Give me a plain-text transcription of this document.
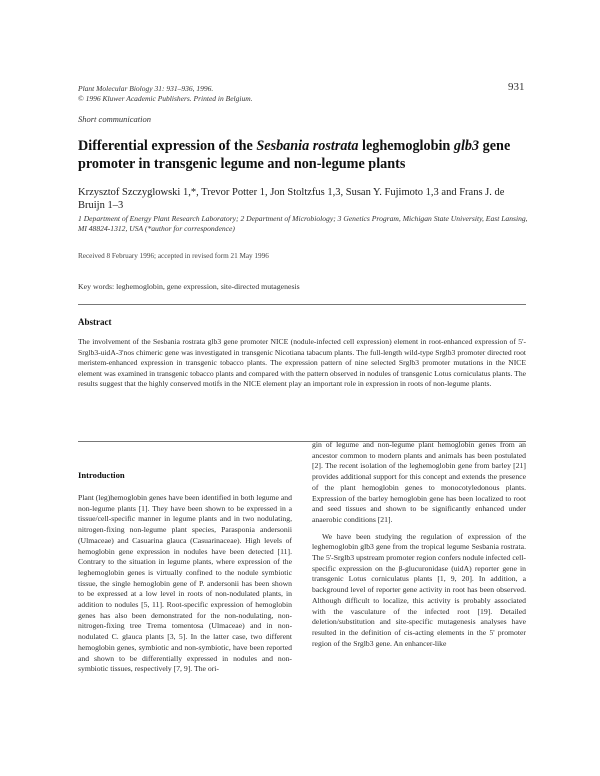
Plant Molecular Biology 31: 931–936, 1996.
© 1996 Kluwer Academic Publishers. Printed in Belgium.
931
Short communication
Differential expression of the Sesbania rostrata leghemoglobin glb3 gene promoter in transgenic legume and non-legume plants
Krzysztof Szczyglowski 1,*, Trevor Potter 1, Jon Stoltzfus 1,3, Susan Y. Fujimoto 1,3 and Frans J. de Bruijn 1–3
1 Department of Energy Plant Research Laboratory; 2 Department of Microbiology; 3 Genetics Program, Michigan State University, East Lansing, MI 48824-1312, USA (*author for correspondence)
Received 8 February 1996; accepted in revised form 21 May 1996
Key words: leghemoglobin, gene expression, site-directed mutagenesis
Abstract
The involvement of the Sesbania rostrata glb3 gene promoter NICE (nodule-infected cell expression) element in root-enhanced expression of 5'-Srglb3-uidA-3'nos chimeric gene was investigated in transgenic Nicotiana tabacum plants. The full-length wild-type Srglb3 promoter directed root meristem-enhanced expression in transgenic tobacco plants. The expression pattern of nine selected Srglb3 promoter mutations in the NICE element was examined in transgenic tobacco plants and compared with the pattern observed in nodules of transgenic Lotus corniculatus plants. The results suggest that the highly conserved motifs in the NICE element play an important role in expression in roots of non-legume plants.
Introduction

Plant (leg)hemoglobin genes have been identified in both legume and non-legume plants [1]. They have been shown to be expressed in a tissue/cell-specific manner in legume plants and in two nodulating, nitrogen-fixing non-legume plant species, Parasponia andersonii (Ulmaceae) and Casuarina glauca (Casuarinaceae). High levels of hemoglobin gene expression in nodules have been detected [11]. Contrary to the situation in legume plants, where expression of the leghemoglobin genes is virtually confined to the nodule symbiotic tissue, the single hemoglobin gene of P. andersonii has been shown to be expressed at a low level in roots of non-nodulated plants, in addition to nodules [5, 11]. Root-specific expression of hemoglobin genes has also been demonstrated for the non-nodulating, non-nitrogen-fixing tree Trema tomentosa (Ulmaceae) and in non-nodulated C. glauca plants [3, 5]. In the latter case, two different hemoglobin genes, symbiotic and non-symbiotic, have been reported and shown to be differentially expressed in nodules and non-symbiotic tissues, respectively [7, 9]. The ori-

gin of legume and non-legume plant hemoglobin genes from an ancestor common to modern plants and animals has been postulated [2]. The recent isolation of the leghemoglobin gene from barley [21] provides additional support for this concept and extends the presence of the plant hemoglobin genes to monocotyledonous plants. Expression of the barley hemoglobin gene has been localized to root and seed tissues and shown to be significantly enhanced under anaerobic conditions [21].

We have been studying the regulation of expression of the leghemoglobin glb3 gene from the tropical legume Sesbania rostrata. The 5'-Srglb3 upstream promoter region confers nodule infected cell-specific expression on the β-glucuronidase (uidA) reporter gene in transgenic Lotus corniculatus plants [1, 9, 20]. In addition, a background level of reporter gene activity in root has been observed. Although difficult to localize, this activity is probably associated with the vasculature of the infected root [19]. Detailed deletion/substitution and site-specific mutagenesis analyses have resulted in the definition of cis-acting elements in the 5' promoter region of the Srglb3 gene. An enhancer-like
